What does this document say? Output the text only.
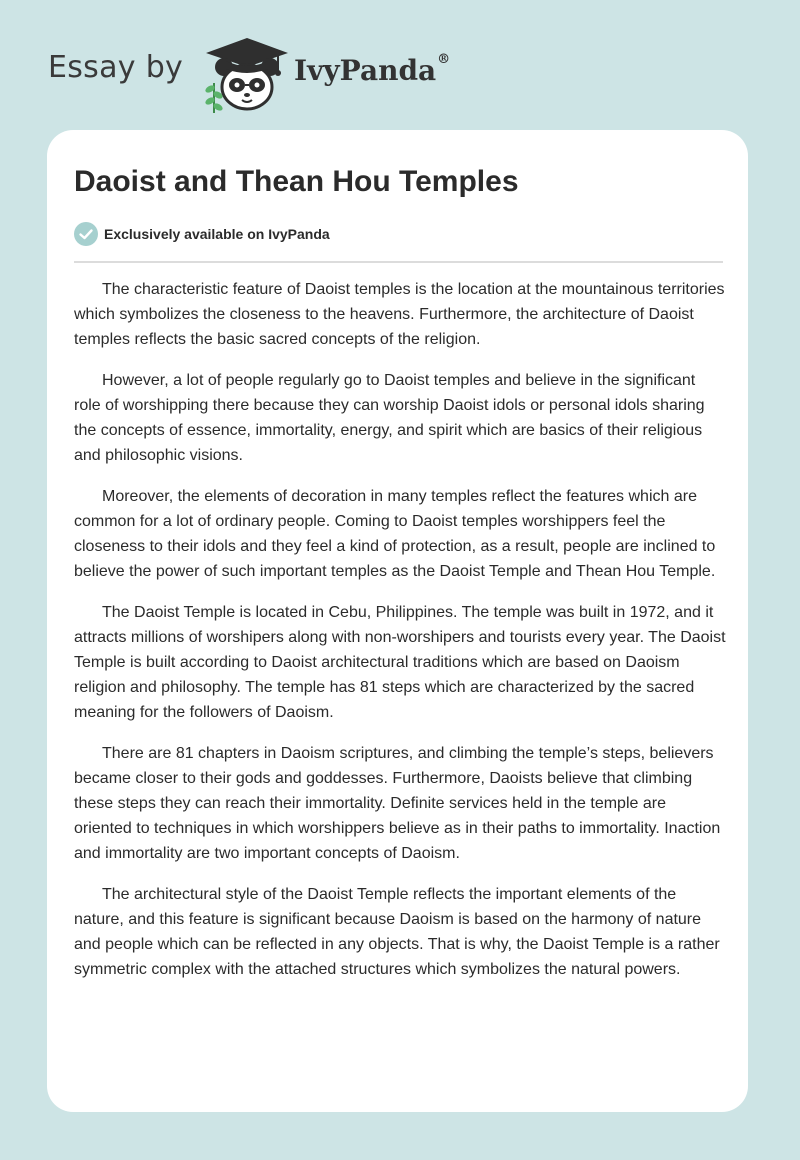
Essay by	IvyPanda®
Daoist and Thean Hou Temples
Exclusively available on IvyPanda

The characteristic feature of Daoist temples is the location at the mountainous territories which symbolizes the closeness to the heavens. Furthermore, the architecture of Daoist temples reflects the basic sacred concepts of the religion.

However, a lot of people regularly go to Daoist temples and believe in the significant role of worshipping there because they can worship Daoist idols or personal idols sharing the concepts of essence, immortality, energy, and spirit which are basics of their religious and philosophic visions.

Moreover, the elements of decoration in many temples reflect the features which are common for a lot of ordinary people. Coming to Daoist temples worshippers feel the closeness to their idols and they feel a kind of protection, as a result, people are inclined to believe the power of such important temples as the Daoist Temple and Thean Hou Temple.

The Daoist Temple is located in Cebu, Philippines. The temple was built in 1972, and it attracts millions of worshipers along with non-worshipers and tourists every year. The Daoist Temple is built according to Daoist architectural traditions which are based on Daoism religion and philosophy. The temple has 81 steps which are characterized by the sacred meaning for the followers of Daoism.

There are 81 chapters in Daoism scriptures, and climbing the temple’s steps, believers became closer to their gods and goddesses. Furthermore, Daoists believe that climbing these steps they can reach their immortality. Definite services held in the temple are oriented to techniques in which worshippers believe as in their paths to immortality. Inaction and immortality are two important concepts of Daoism.

The architectural style of the Daoist Temple reflects the important elements of the nature, and this feature is significant because Daoism is based on the harmony of nature and people which can be reflected in any objects. That is why, the Daoist Temple is a rather symmetric complex with the attached structures which symbolizes the natural powers.
